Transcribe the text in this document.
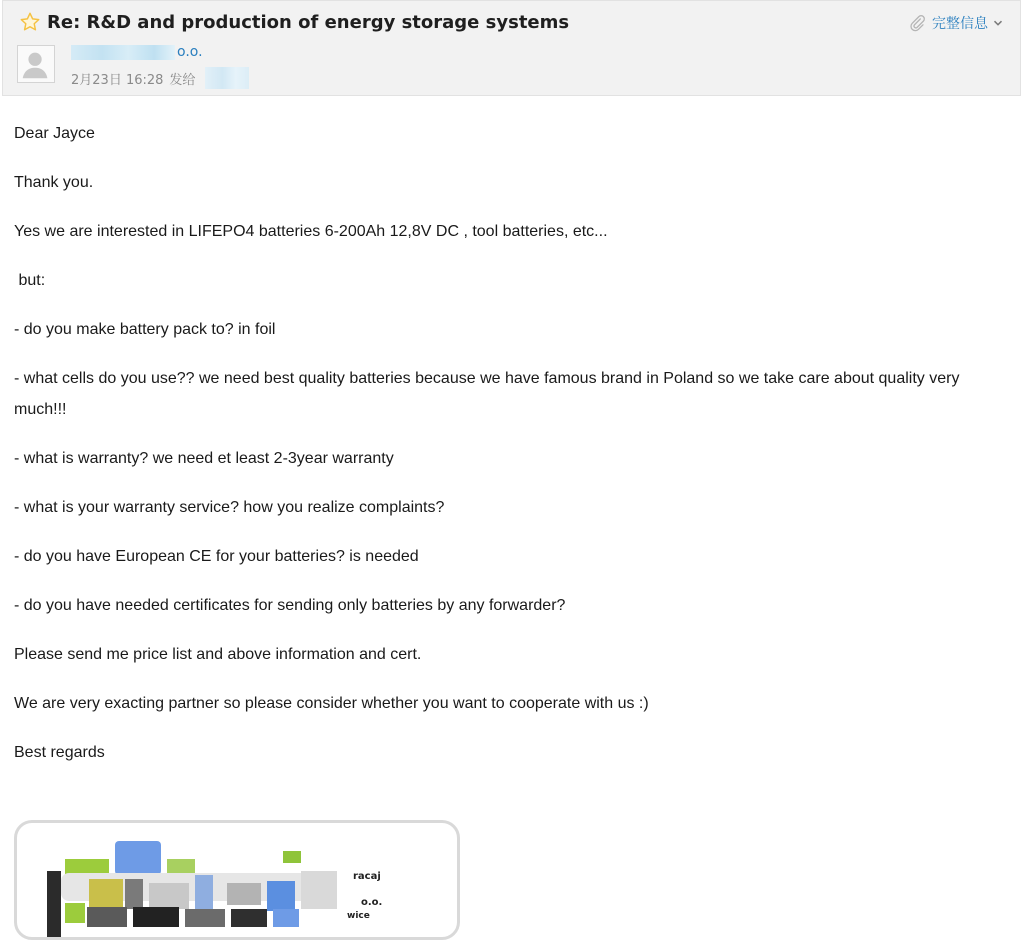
Re: R&D and production of energy storage systems	完整信息
o.o.
2月23日 16:28 发给

Dear Jayce

Thank you.

Yes we are interested in LIFEPO4 batteries 6-200Ah 12,8V DC , tool batteries, etc...

but:

- do you make battery pack to? in foil

- what cells do you use?? we need best quality batteries because we have famous brand in Poland so we take care about quality very much!!!

- what is warranty? we need et least 2-3year warranty

- what is your warranty service? how you realize complaints?

- do you have European CE for your batteries? is needed

- do you have needed certificates for sending only batteries by any forwarder?

Please send me price list and above information and cert.

We are very exacting partner so please consider whether you want to cooperate with us :)

Best regards

racaj
o.o.
wice
